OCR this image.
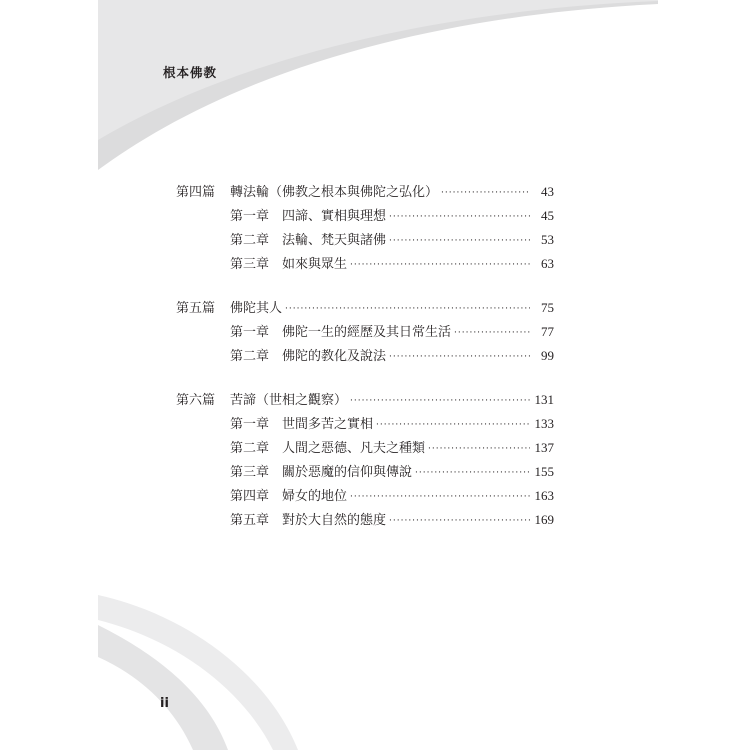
根本佛教
第四篇	轉法輪（佛教之根本與佛陀之弘化） ·····	43
第一章 四諦、實相與理想 ·····	45
第二章 法輪、梵天與諸佛 ·····	53
第三章 如來與眾生 ·····	63
第五篇	佛陀其人 ·····	75
第一章 佛陀一生的經歷及其日常生活 ·····	77
第二章 佛陀的教化及說法 ·····	99
第六篇	苦諦（世相之觀察） ·····	131
第一章 世間多苦之實相 ·····	133
第二章 人間之惡德、凡夫之種類 ·····	137
第三章 關於惡魔的信仰與傳說 ·····	155
第四章 婦女的地位 ·····	163
第五章 對於大自然的態度 ·····	169
ii
